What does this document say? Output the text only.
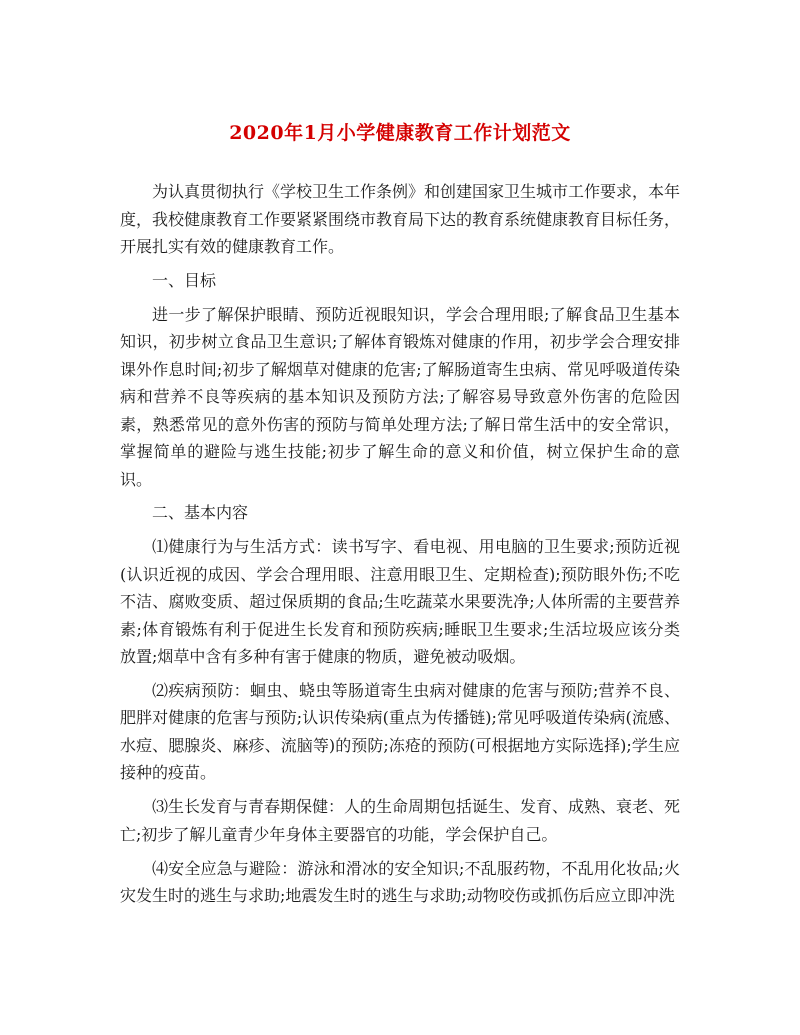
2020年1月小学健康教育工作计划范文

为认真贯彻执行《学校卫生工作条例》和创建国家卫生城市工作要求，本年度，我校健康教育工作要紧紧围绕市教育局下达的教育系统健康教育目标任务，开展扎实有效的健康教育工作。

一、目标

进一步了解保护眼睛、预防近视眼知识，学会合理用眼;了解食品卫生基本知识，初步树立食品卫生意识;了解体育锻炼对健康的作用，初步学会合理安排课外作息时间;初步了解烟草对健康的危害;了解肠道寄生虫病、常见呼吸道传染病和营养不良等疾病的基本知识及预防方法;了解容易导致意外伤害的危险因素，熟悉常见的意外伤害的预防与简单处理方法;了解日常生活中的安全常识，掌握简单的避险与逃生技能;初步了解生命的意义和价值，树立保护生命的意识。

二、基本内容

⑴健康行为与生活方式：读书写字、看电视、用电脑的卫生要求;预防近视(认识近视的成因、学会合理用眼、注意用眼卫生、定期检查);预防眼外伤;不吃不洁、腐败变质、超过保质期的食品;生吃蔬菜水果要洗净;人体所需的主要营养素;体育锻炼有利于促进生长发育和预防疾病;睡眠卫生要求;生活垃圾应该分类放置;烟草中含有多种有害于健康的物质，避免被动吸烟。

⑵疾病预防：蛔虫、蛲虫等肠道寄生虫病对健康的危害与预防;营养不良、肥胖对健康的危害与预防;认识传染病(重点为传播链);常见呼吸道传染病(流感、水痘、腮腺炎、麻疹、流脑等)的预防;冻疮的预防(可根据地方实际选择);学生应接种的疫苗。

⑶生长发育与青春期保健：人的生命周期包括诞生、发育、成熟、衰老、死亡;初步了解儿童青少年身体主要器官的功能，学会保护自己。

⑷安全应急与避险：游泳和滑冰的安全知识;不乱服药物，不乱用化妆品;火灾发生时的逃生与求助;地震发生时的逃生与求助;动物咬伤或抓伤后应立即冲洗
